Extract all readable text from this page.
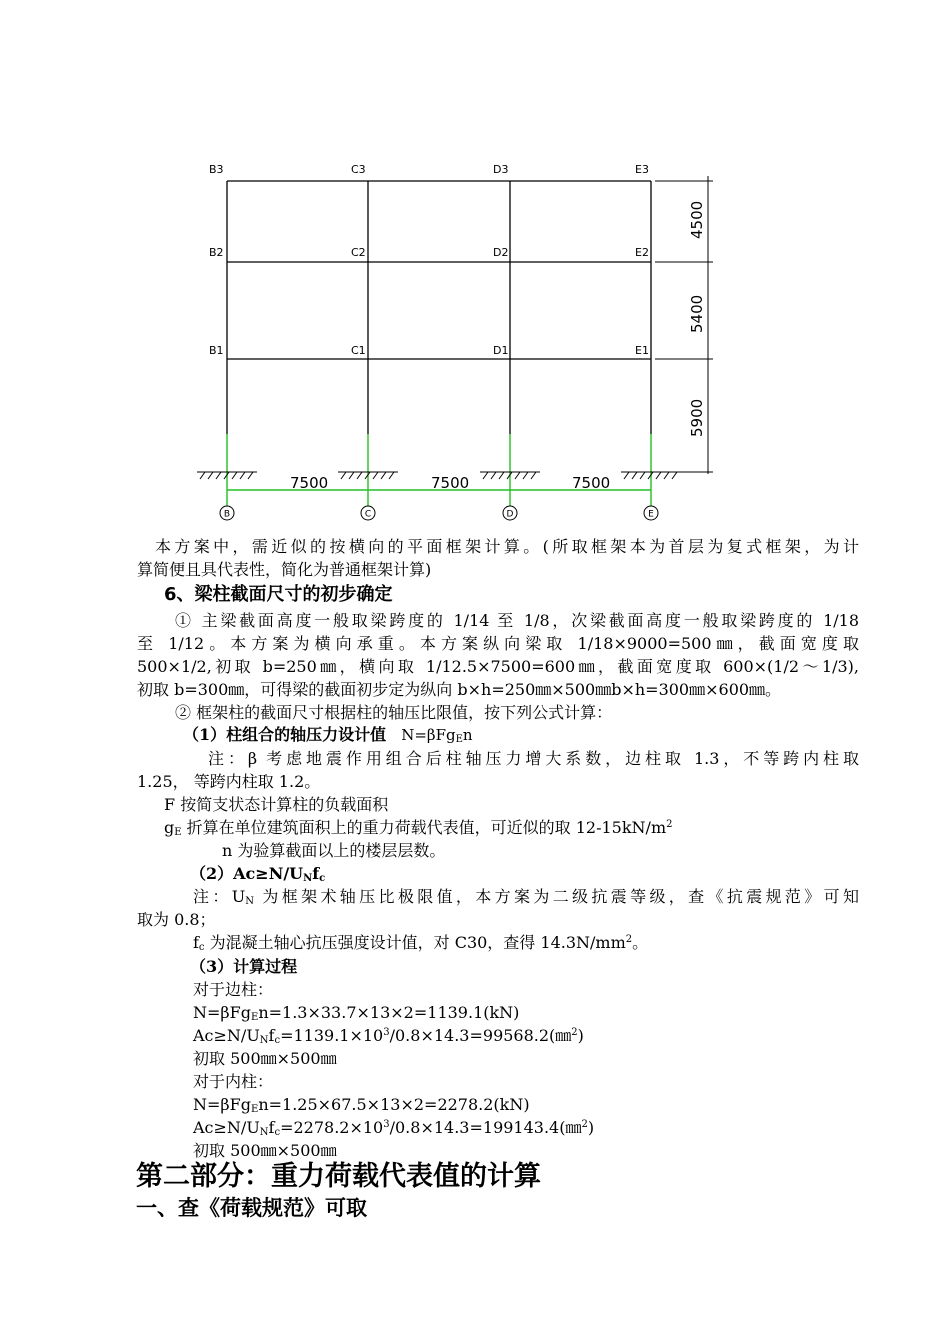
B3	C3	D3	E3
B2	C2	D2	E2
B1	C1	D1	E1
4500
5400
5900
7500	7500	7500
B	C	D	E
本方案中，需近似的按横向的平面框架计算。(所取框架本为首层为复式框架，为计
算简便且具代表性，简化为普通框架计算)
6、梁柱截面尺寸的初步确定
① 主梁截面高度一般取梁跨度的 1/14 至 1/8，次梁截面高度一般取梁跨度的 1/18
至 1/12。本方案为横向承重。本方案纵向梁取 1/18×9000=500㎜，截面宽度取
500×1/2,初取 b=250㎜，横向取 1/12.5×7500=600㎜，截面宽度取 600×(1/2～1/3),
初取 b=300㎜，可得梁的截面初步定为纵向 b×h=250㎜×500㎜b×h=300㎜×600㎜。
② 框架柱的截面尺寸根据柱的轴压比限值，按下列公式计算：
（1）柱组合的轴压力设计值 N=βFg$_E$n
注：β 考虑地震作用组合后柱轴压力增大系数，边柱取 1.3，不等跨内柱取
1.25， 等跨内柱取 1.2。
F 按简支状态计算柱的负载面积
$g_E$ 折算在单位建筑面积上的重力荷载代表值，可近似的取 $12-15kN/m^2$
n 为验算截面以上的楼层层数。
$(2)Ac\ge N/U_Nf_c$
注：$U_N$ 为框架术轴压比极限值，本方案为二级抗震等级，查《抗震规范》可知
取为 0.8；
$f_c$ 为混凝土轴心抗压强度设计值，对 C30，查得 $14.3N/mm^2$。
（3）计算过程
对于边柱：
N=βFg$_E$n=1.3×33.7×13×2=1139.1(kN)
$Ac\ge N/U_Nf_c=1139.1\times 10^3/0.8\times 14.3=99568.2(㎜^2)$
初取 500㎜×500㎜
对于内柱：
N=βFg$_E$n=1.25×67.5×13×2=2278.2(kN)
$Ac\ge N/U_Nf_c=2278.2\times 10^3/0.8\times 14.3=199143.4(㎜^2)$
初取 500㎜×500㎜
第二部分：重力荷载代表值的计算
一、查《荷载规范》可取
